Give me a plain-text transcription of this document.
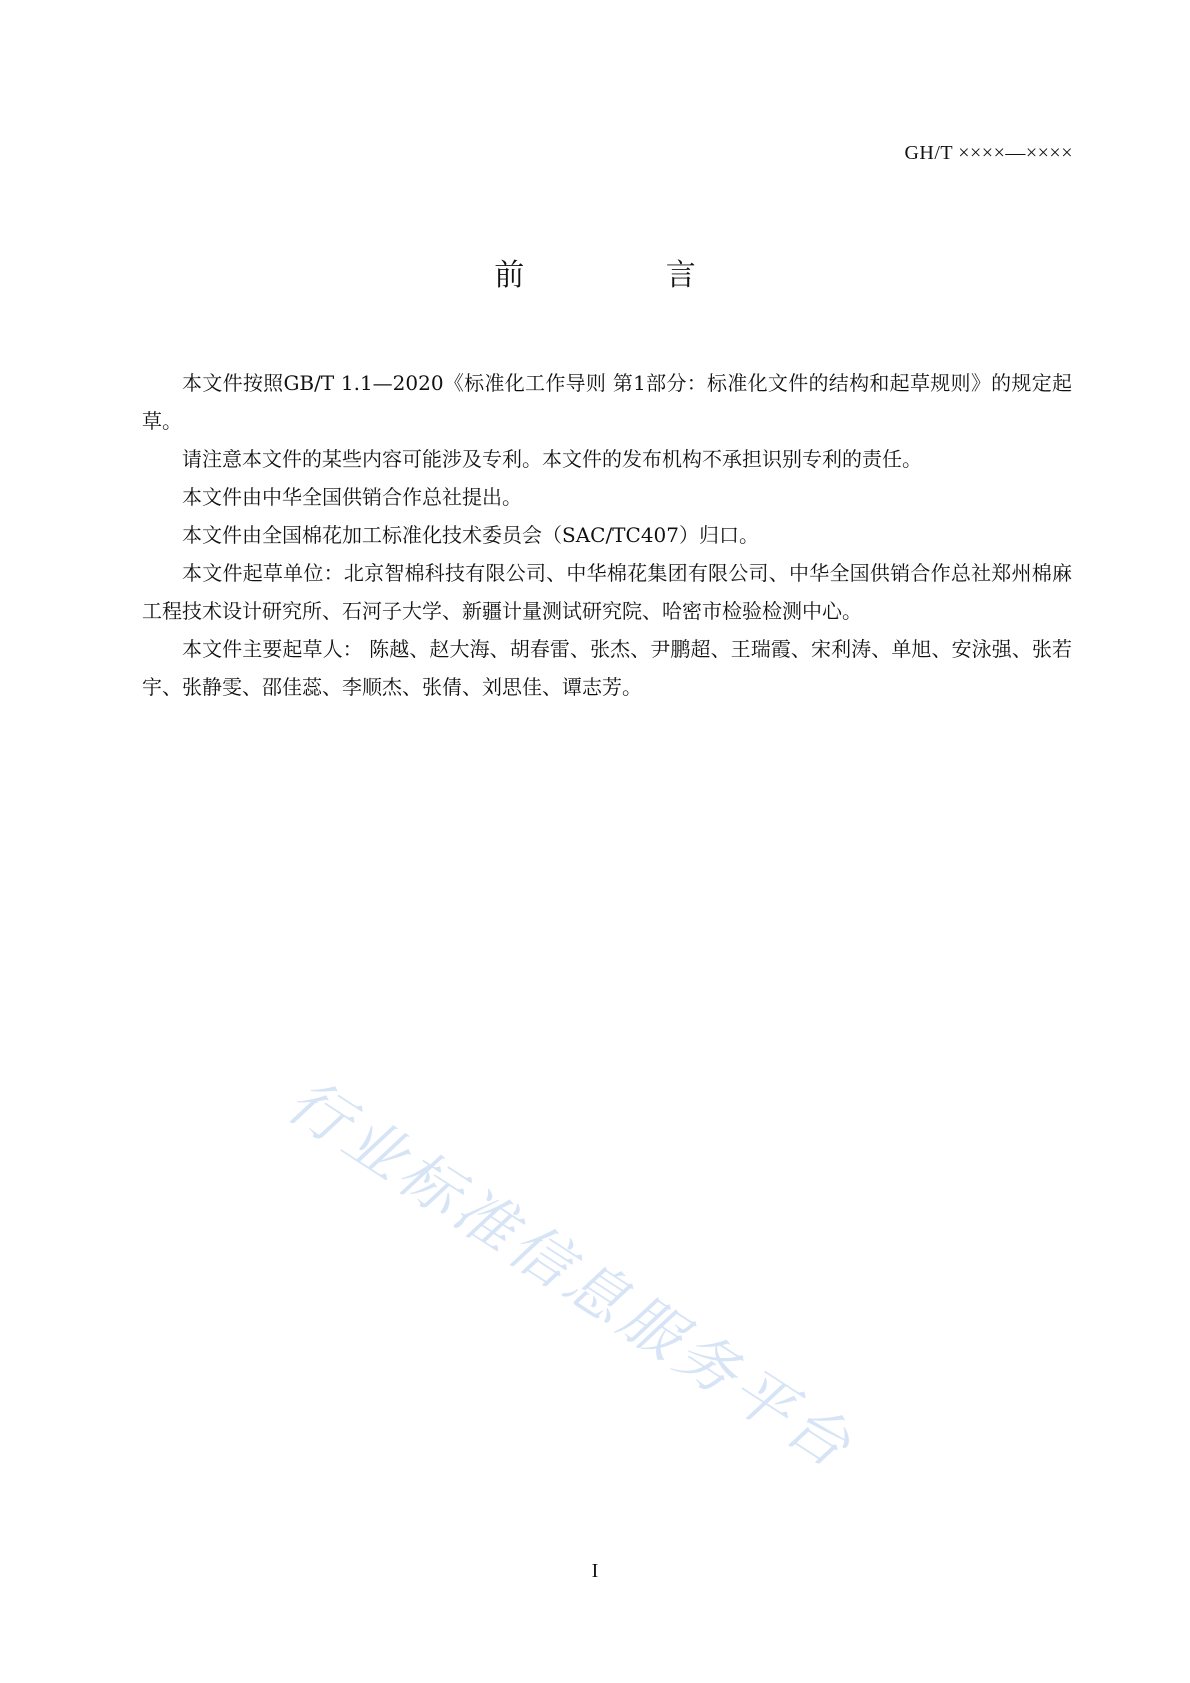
GH/T ××××—××××
前 言

本文件按照GB/T 1.1—2020《标准化工作导则 第1部分：标准化文件的结构和起草规则》的规定起草。

请注意本文件的某些内容可能涉及专利。本文件的发布机构不承担识别专利的责任。

本文件由中华全国供销合作总社提出。

本文件由全国棉花加工标准化技术委员会（SAC/TC407）归口。

本文件起草单位：北京智棉科技有限公司、中华棉花集团有限公司、中华全国供销合作总社郑州棉麻工程技术设计研究所、石河子大学、新疆计量测试研究院、哈密市检验检测中心。

本文件主要起草人： 陈越、赵大海、胡春雷、张杰、尹鹏超、王瑞霞、宋利涛、单旭、安泳强、张若宇、张静雯、邵佳蕊、李顺杰、张倩、刘思佳、谭志芳。

行业标准信息服务平台
I
